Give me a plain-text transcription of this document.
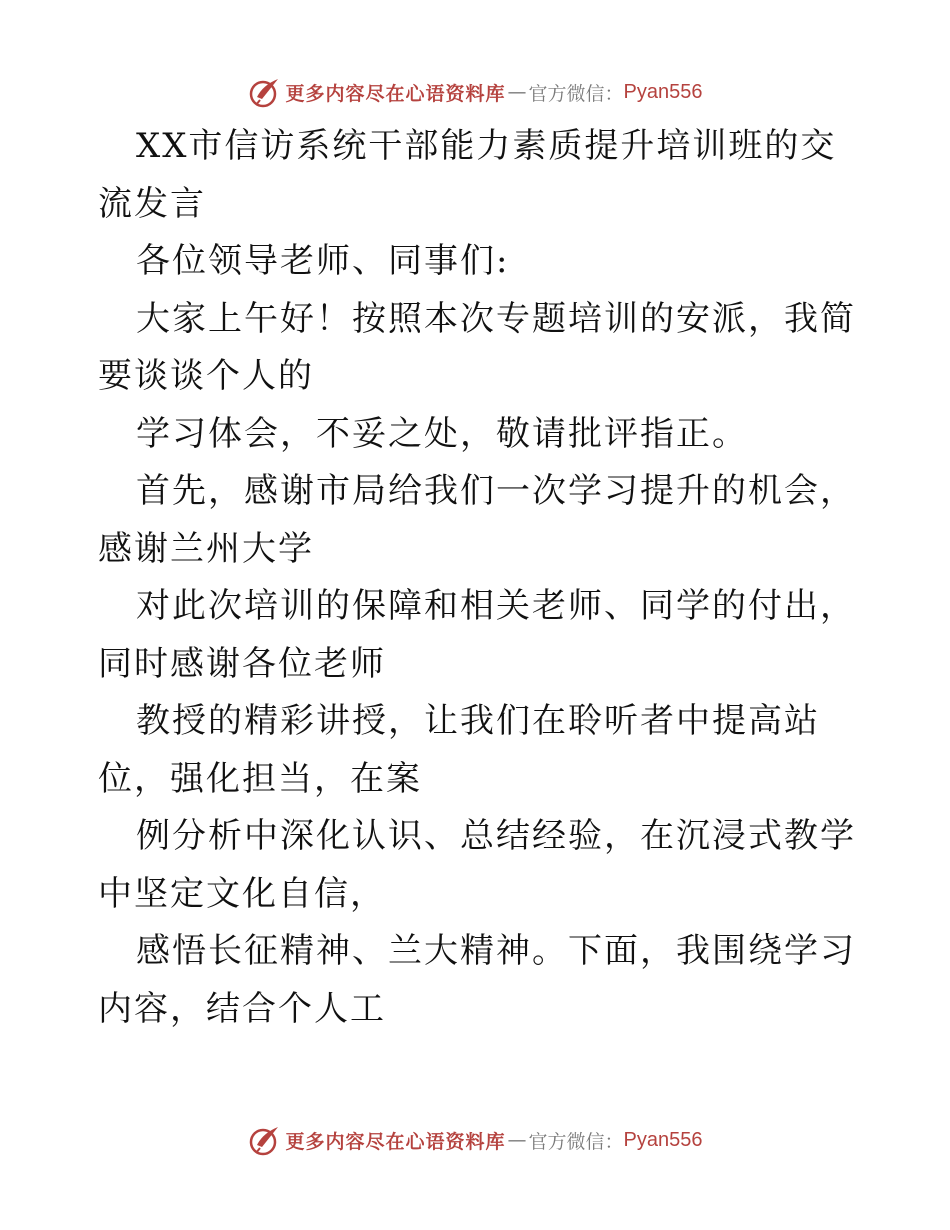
更多内容尽在心语资料库 — 官方微信： Pyan556

XX市信访系统干部能力素质提升培训班的交流发言

各位领导老师、同事们:

大家上午好！按照本次专题培训的安派，我简要谈谈个人的

学习体会，不妥之处，敬请批评指正。

首先，感谢市局给我们一次学习提升的机会，感谢兰州大学

对此次培训的保障和相关老师、同学的付出，同时感谢各位老师

教授的精彩讲授，让我们在聆听者中提高站位，强化担当，在案

例分析中深化认识、总结经验，在沉浸式教学中坚定文化自信，

感悟长征精神、兰大精神。下面，我围绕学习内容，结合个人工

更多内容尽在心语资料库 — 官方微信： Pyan556
